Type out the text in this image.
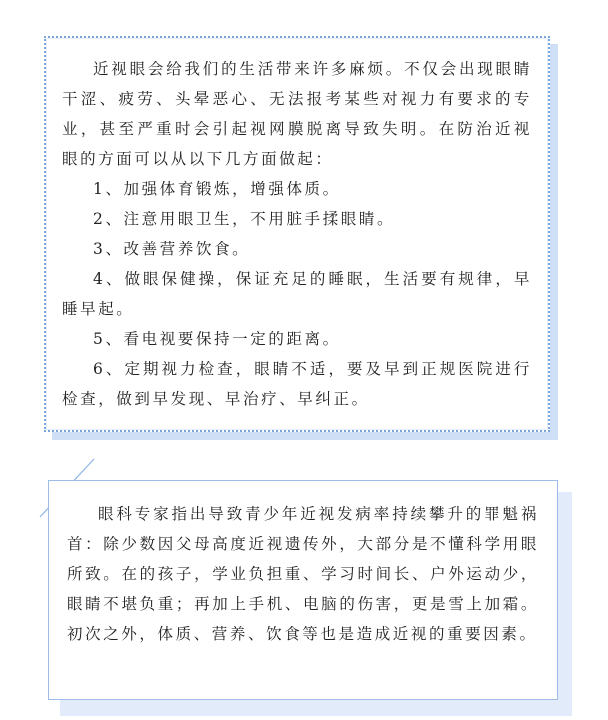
近视眼会给我们的生活带来许多麻烦。不仅会出现眼睛干涩、疲劳、头晕恶心、无法报考某些对视力有要求的专业，甚至严重时会引起视网膜脱离导致失明。在防治近视眼的方面可以从以下几方面做起：

1、加强体育锻炼，增强体质。

2、注意用眼卫生，不用脏手揉眼睛。

3、改善营养饮食。

4、做眼保健操，保证充足的睡眠，生活要有规律，早睡早起。

5、看电视要保持一定的距离。

6、定期视力检查，眼睛不适，要及早到正规医院进行检查，做到早发现、早治疗、早纠正。

眼科专家指出导致青少年近视发病率持续攀升的罪魁祸首：除少数因父母高度近视遗传外，大部分是不懂科学用眼所致。在的孩子，学业负担重、学习时间长、户外运动少，眼睛不堪负重；再加上手机、电脑的伤害，更是雪上加霜。初次之外，体质、营养、饮食等也是造成近视的重要因素。
